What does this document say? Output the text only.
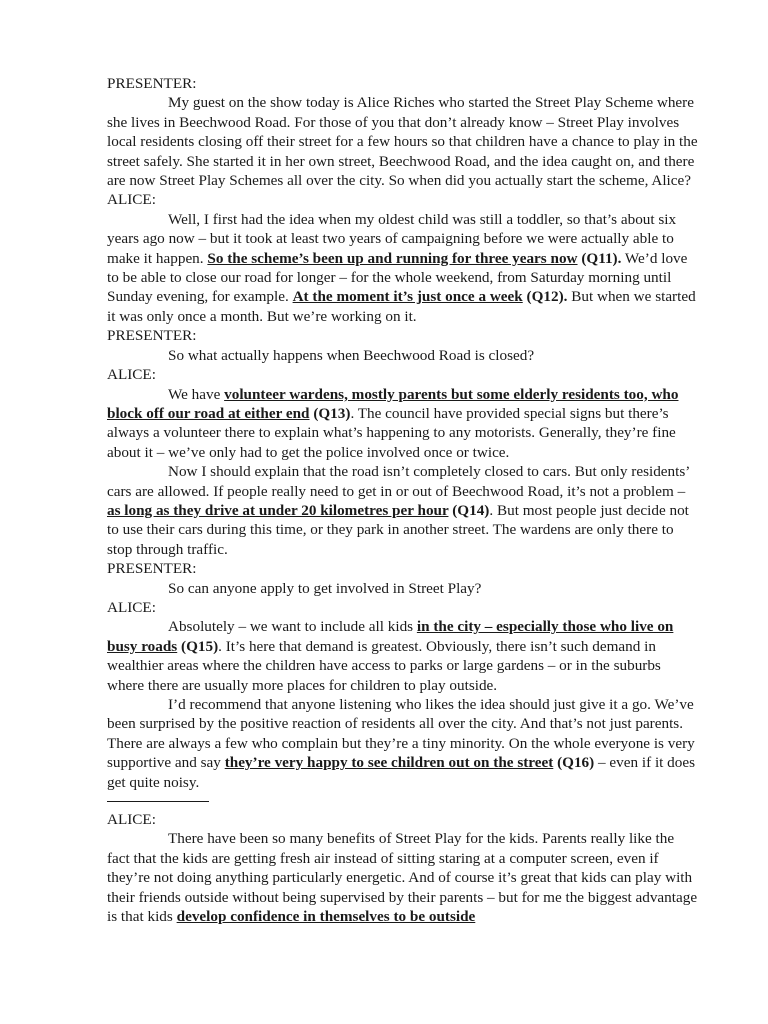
PRESENTER:

My guest on the show today is Alice Riches who started the Street Play Scheme where she lives in Beechwood Road. For those of you that don’t already know – Street Play involves local residents closing off their street for a few hours so that children have a chance to play in the street safely. She started it in her own street, Beechwood Road, and the idea caught on, and there are now Street Play Schemes all over the city. So when did you actually start the scheme, Alice?

ALICE:

Well, I first had the idea when my oldest child was still a toddler, so that’s about six years ago now – but it took at least two years of campaigning before we were actually able to make it happen. So the scheme’s been up and running for three years now (Q11). We’d love to be able to close our road for longer – for the whole weekend, from Saturday morning until Sunday evening, for example. At the moment it’s just once a week (Q12). But when we started it was only once a month. But we’re working on it.

PRESENTER:

So what actually happens when Beechwood Road is closed?

ALICE:

We have volunteer wardens, mostly parents but some elderly residents too, who block off our road at either end (Q13). The council have provided special signs but there’s always a volunteer there to explain what’s happening to any motorists. Generally, they’re fine about it – we’ve only had to get the police involved once or twice.

Now I should explain that the road isn’t completely closed to cars. But only residents’ cars are allowed. If people really need to get in or out of Beechwood Road, it’s not a problem – as long as they drive at under 20 kilometres per hour (Q14). But most people just decide not to use their cars during this time, or they park in another street. The wardens are only there to stop through traffic.

PRESENTER:

So can anyone apply to get involved in Street Play?

ALICE:

Absolutely – we want to include all kids in the city – especially those who live on busy roads (Q15). It’s here that demand is greatest. Obviously, there isn’t such demand in wealthier areas where the children have access to parks or large gardens – or in the suburbs where there are usually more places for children to play outside.

I’d recommend that anyone listening who likes the idea should just give it a go. We’ve been surprised by the positive reaction of residents all over the city. And that’s not just parents. There are always a few who complain but they’re a tiny minority. On the whole everyone is very supportive and say they’re very happy to see children out on the street (Q16) – even if it does get quite noisy.

ALICE:

There have been so many benefits of Street Play for the kids. Parents really like the fact that the kids are getting fresh air instead of sitting staring at a computer screen, even if they’re not doing anything particularly energetic. And of course it’s great that kids can play with their friends outside without being supervised by their parents – but for me the biggest advantage is that kids develop confidence in themselves to be outside
